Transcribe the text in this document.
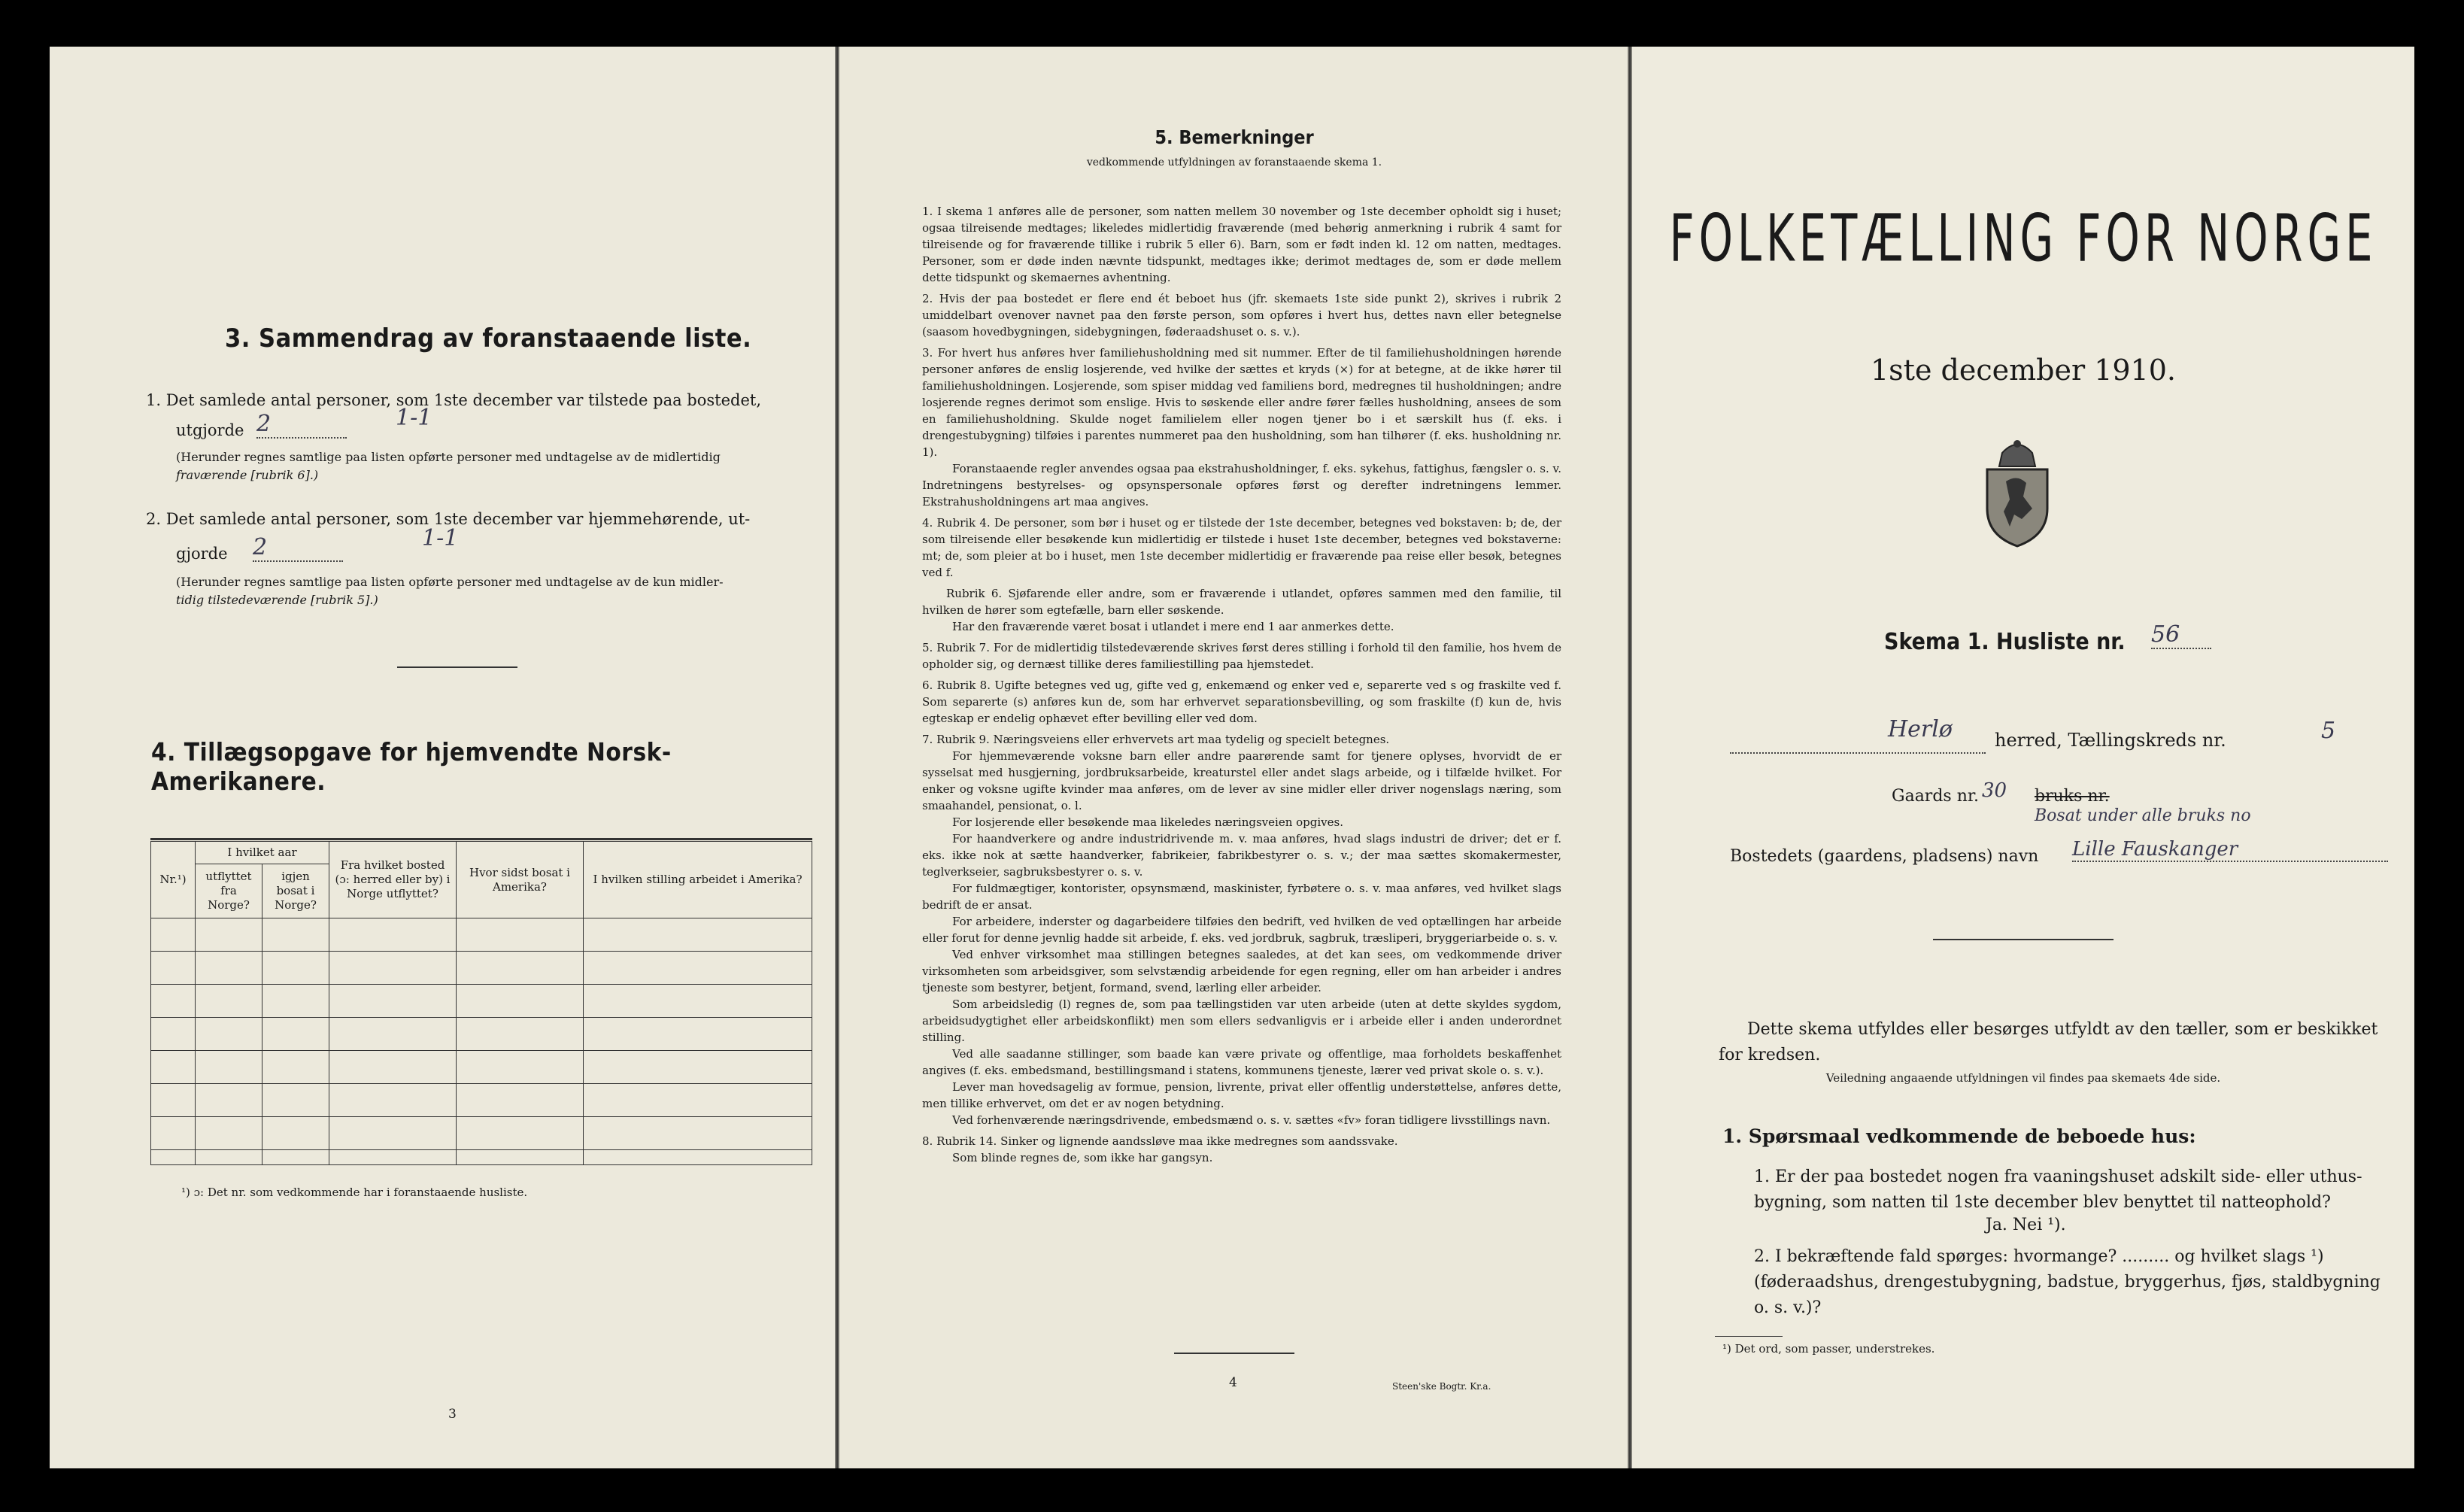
3. Sammendrag av foranstaaende liste.
1. Det samlede antal personer, som 1ste december var tilstede paa bostedet,
utgjorde 2	1-1
(Herunder regnes samtlige paa listen opførte personer med undtagelse av de midlertidig
fraværende [rubrik 6].)
2. Det samlede antal personer, som 1ste december var hjemmehørende, ut-
gjorde 2	1-1
(Herunder regnes samtlige paa listen opførte personer med undtagelse av de kun midler-
tidig tilstedeværende [rubrik 5].)
4. Tillægsopgave for hjemvendte Norsk-Amerikanere.
Nr.¹)	I hvilket aar		Fra hvilket bosted (ɔ: herred eller by) i Norge utflyttet?	Hvor sidst bosat i Amerika?	I hvilken stilling arbeidet i Amerika?
	utflyttet fra Norge?	igjen bosat i Norge?			

¹) ɔ: Det nr. som vedkommende har i foranstaaende husliste.
3
5. Bemerkninger
vedkommende utfyldningen av foranstaaende skema 1.

1. I skema 1 anføres alle de personer, som natten mellem 30 november og 1ste december opholdt sig i huset; ogsaa tilreisende medtages; likeledes midlertidig fraværende (med behørig anmerkning i rubrik 4 samt for tilreisende og for fraværende tillike i rubrik 5 eller 6). Barn, som er født inden kl. 12 om natten, medtages. Personer, som er døde inden nævnte tidspunkt, medtages ikke; derimot medtages de, som er døde mellem dette tidspunkt og skemaernes avhentning.

2. Hvis der paa bostedet er flere end ét beboet hus (jfr. skemaets 1ste side punkt 2), skrives i rubrik 2 umiddelbart ovenover navnet paa den første person, som opføres i hvert hus, dettes navn eller betegnelse (saasom hovedbygningen, sidebygningen, føderaadshuset o. s. v.).

3. For hvert hus anføres hver familiehusholdning med sit nummer. Efter de til familiehusholdningen hørende personer anføres de enslig losjerende, ved hvilke der sættes et kryds (×) for at betegne, at de ikke hører til familiehusholdningen. Losjerende, som spiser middag ved familiens bord, medregnes til husholdningen; andre losjerende regnes derimot som enslige. Hvis to søskende eller andre fører fælles husholdning, ansees de som en familiehusholdning. Skulde noget familielem eller nogen tjener bo i et særskilt hus (f. eks. i drengestubygning) tilføies i parentes nummeret paa den husholdning, som han tilhører (f. eks. husholdning nr. 1).

Foranstaaende regler anvendes ogsaa paa ekstrahusholdninger, f. eks. sykehus, fattighus, fængsler o. s. v. Indretningens bestyrelses- og opsynspersonale opføres først og derefter indretningens lemmer. Ekstrahusholdningens art maa angives.

4. Rubrik 4. De personer, som bør i huset og er tilstede der 1ste december, betegnes ved bokstaven: b; de, der som tilreisende eller besøkende kun midlertidig er tilstede i huset 1ste december, betegnes ved bokstaverne: mt; de, som pleier at bo i huset, men 1ste december midlertidig er fraværende paa reise eller besøk, betegnes ved f.

Rubrik 6. Sjøfarende eller andre, som er fraværende i utlandet, opføres sammen med den familie, til hvilken de hører som egtefælle, barn eller søskende.

Har den fraværende været bosat i utlandet i mere end 1 aar anmerkes dette.

5. Rubrik 7. For de midlertidig tilstedeværende skrives først deres stilling i forhold til den familie, hos hvem de opholder sig, og dernæst tillike deres familiestilling paa hjemstedet.

6. Rubrik 8. Ugifte betegnes ved ug, gifte ved g, enkemænd og enker ved e, separerte ved s og fraskilte ved f. Som separerte (s) anføres kun de, som har erhvervet separationsbevilling, og som fraskilte (f) kun de, hvis egteskap er endelig ophævet efter bevilling eller ved dom.

7. Rubrik 9. Næringsveiens eller erhvervets art maa tydelig og specielt betegnes.

For hjemmeværende voksne barn eller andre paarørende samt for tjenere oplyses, hvorvidt de er sysselsat med husgjerning, jordbruksarbeide, kreaturstel eller andet slags arbeide, og i tilfælde hvilket. For enker og voksne ugifte kvinder maa anføres, om de lever av sine midler eller driver nogenslags næring, som smaahandel, pensionat, o. l.

For losjerende eller besøkende maa likeledes næringsveien opgives.

For haandverkere og andre industridrivende m. v. maa anføres, hvad slags industri de driver; det er f. eks. ikke nok at sætte haandverker, fabrikeier, fabrikbestyrer o. s. v.; der maa sættes skomakermester, teglverkseier, sagbruksbestyrer o. s. v.

For fuldmægtiger, kontorister, opsynsmænd, maskinister, fyrbøtere o. s. v. maa anføres, ved hvilket slags bedrift de er ansat.

For arbeidere, inderster og dagarbeidere tilføies den bedrift, ved hvilken de ved optællingen har arbeide eller forut for denne jevnlig hadde sit arbeide, f. eks. ved jordbruk, sagbruk, træsliperi, bryggeriarbeide o. s. v.

Ved enhver virksomhet maa stillingen betegnes saaledes, at det kan sees, om vedkommende driver virksomheten som arbeidsgiver, som selvstændig arbeidende for egen regning, eller om han arbeider i andres tjeneste som bestyrer, betjent, formand, svend, lærling eller arbeider.

Som arbeidsledig (l) regnes de, som paa tællingstiden var uten arbeide (uten at dette skyldes sygdom, arbeidsudygtighet eller arbeidskonflikt) men som ellers sedvanligvis er i arbeide eller i anden underordnet stilling.

Ved alle saadanne stillinger, som baade kan være private og offentlige, maa forholdets beskaffenhet angives (f. eks. embedsmand, bestillingsmand i statens, kommunens tjeneste, lærer ved privat skole o. s. v.).

Lever man hovedsagelig av formue, pension, livrente, privat eller offentlig understøttelse, anføres dette, men tillike erhvervet, om det er av nogen betydning.

Ved forhenværende næringsdrivende, embedsmænd o. s. v. sættes «fv» foran tidligere livsstillings navn.

8. Rubrik 14. Sinker og lignende aandssløve maa ikke medregnes som aandssvake.

Som blinde regnes de, som ikke har gangsyn.

4	Steen'ske Bogtr. Kr.a.
FOLKETÆLLING FOR NORGE
1ste december 1910.
Skema 1. Husliste nr. 56
Herlø herred, Tællingskreds nr.	5
Gaards nr. 30 bruks nr.
Bosat under alle bruks no
Bostedets (gaardens, pladsens) navn Lille Fauskanger
Dette skema utfyldes eller besørges utfyldt av den tæller, som er beskikket for kredsen.
Veiledning angaaende utfyldningen vil findes paa skemaets 4de side.
1. Spørsmaal vedkommende de beboede hus:
1. Er der paa bostedet nogen fra vaaningshuset adskilt side- eller uthus-bygning, som natten til 1ste december blev benyttet til natteophold?
Ja. Nei ¹).
2. I bekræftende fald spørges: hvormange? ......... og hvilket slags ¹) (føderaadshus, drengestubygning, badstue, bryggerhus, fjøs, staldbygning o. s. v.)?
¹) Det ord, som passer, understrekes.
